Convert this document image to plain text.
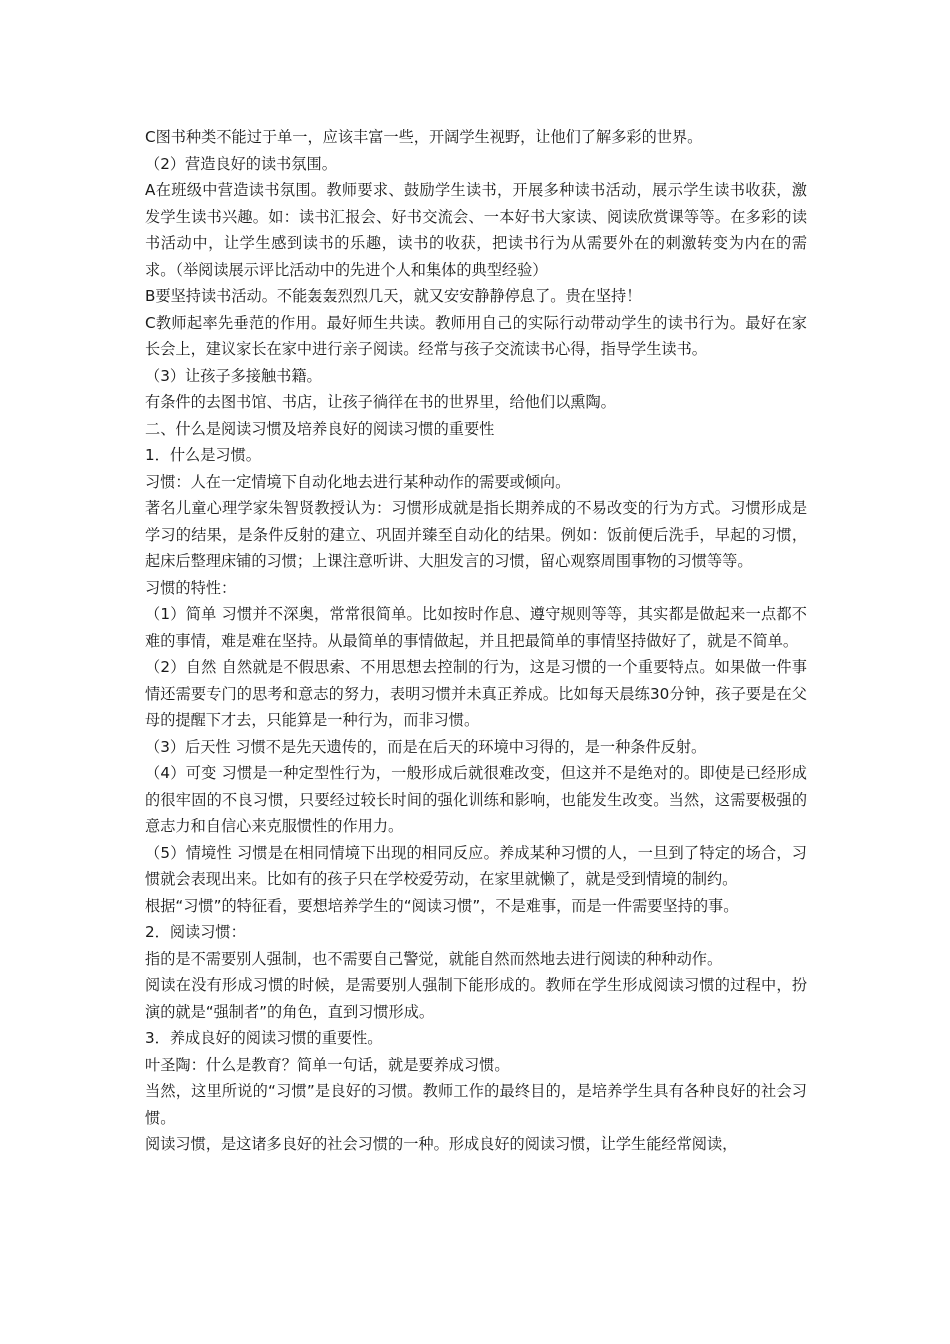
C图书种类不能过于单一，应该丰富一些，开阔学生视野，让他们了解多彩的世界。

（2）营造良好的读书氛围。

A在班级中营造读书氛围。教师要求、鼓励学生读书，开展多种读书活动，展示学生读书收获，激发学生读书兴趣。如：读书汇报会、好书交流会、一本好书大家读、阅读欣赏课等等。在多彩的读书活动中，让学生感到读书的乐趣，读书的收获，把读书行为从需要外在的刺激转变为内在的需求。（举阅读展示评比活动中的先进个人和集体的典型经验）

B要坚持读书活动。不能轰轰烈烈几天，就又安安静静停息了。贵在坚持！

C教师起率先垂范的作用。最好师生共读。教师用自己的实际行动带动学生的读书行为。最好在家长会上，建议家长在家中进行亲子阅读。经常与孩子交流读书心得，指导学生读书。

（3）让孩子多接触书籍。

有条件的去图书馆、书店，让孩子徜徉在书的世界里，给他们以熏陶。

二、什么是阅读习惯及培养良好的阅读习惯的重要性

1．什么是习惯。

习惯：人在一定情境下自动化地去进行某种动作的需要或倾向。

著名儿童心理学家朱智贤教授认为：习惯形成就是指长期养成的不易改变的行为方式。习惯形成是学习的结果，是条件反射的建立、巩固并臻至自动化的结果。例如：饭前便后洗手，早起的习惯，起床后整理床铺的习惯；上课注意听讲、大胆发言的习惯，留心观察周围事物的习惯等等。

习惯的特性：

（1）简单 习惯并不深奥，常常很简单。比如按时作息、遵守规则等等，其实都是做起来一点都不难的事情，难是难在坚持。从最简单的事情做起，并且把最简单的事情坚持做好了，就是不简单。

（2）自然 自然就是不假思索、不用思想去控制的行为，这是习惯的一个重要特点。如果做一件事情还需要专门的思考和意志的努力，表明习惯并未真正养成。比如每天晨练30分钟，孩子要是在父母的提醒下才去，只能算是一种行为，而非习惯。

（3）后天性 习惯不是先天遗传的，而是在后天的环境中习得的，是一种条件反射。

（4）可变 习惯是一种定型性行为，一般形成后就很难改变，但这并不是绝对的。即使是已经形成的很牢固的不良习惯，只要经过较长时间的强化训练和影响，也能发生改变。当然，这需要极强的意志力和自信心来克服惯性的作用力。

（5）情境性 习惯是在相同情境下出现的相同反应。养成某种习惯的人，一旦到了特定的场合，习惯就会表现出来。比如有的孩子只在学校爱劳动，在家里就懒了，就是受到情境的制约。

根据“习惯”的特征看，要想培养学生的“阅读习惯”，不是难事，而是一件需要坚持的事。

2．阅读习惯：

指的是不需要别人强制，也不需要自己警觉，就能自然而然地去进行阅读的种种动作。

阅读在没有形成习惯的时候，是需要别人强制下能形成的。教师在学生形成阅读习惯的过程中，扮演的就是“强制者”的角色，直到习惯形成。

3．养成良好的阅读习惯的重要性。

叶圣陶：什么是教育？简单一句话，就是要养成习惯。

当然，这里所说的“习惯”是良好的习惯。教师工作的最终目的，是培养学生具有各种良好的社会习惯。

阅读习惯，是这诸多良好的社会习惯的一种。形成良好的阅读习惯，让学生能经常阅读，
